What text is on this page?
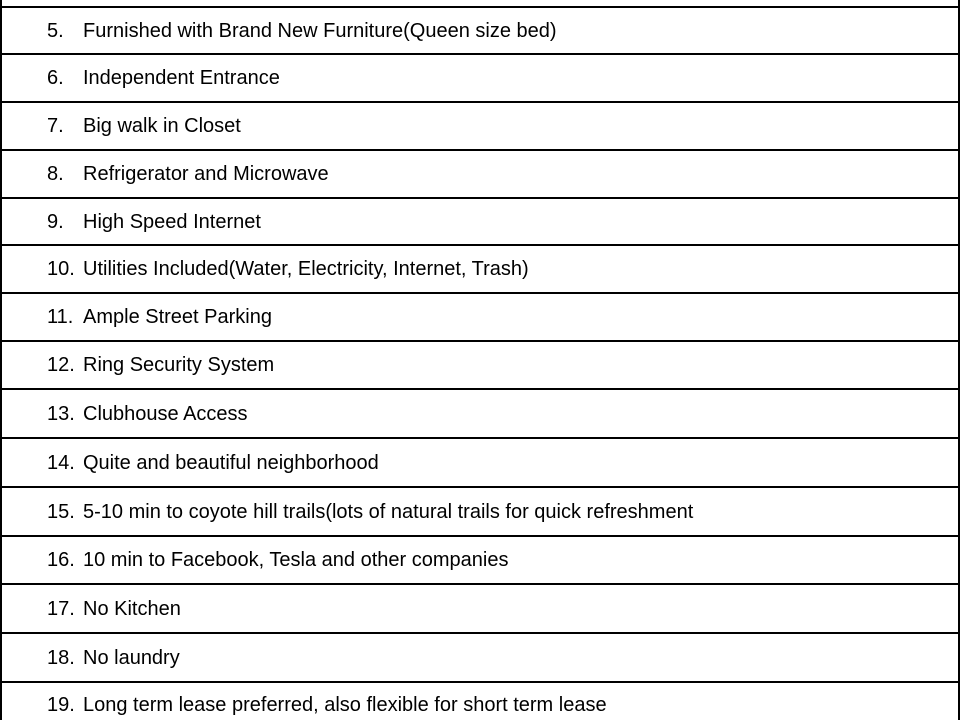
5. Furnished with Brand New Furniture(Queen size bed)
6. Independent Entrance
7. Big walk in Closet
8. Refrigerator and Microwave
9. High Speed Internet
10. Utilities Included(Water, Electricity, Internet, Trash)
11. Ample Street Parking
12. Ring Security System
13. Clubhouse Access
14. Quite and beautiful neighborhood
15. 5-10 min to coyote hill trails(lots of natural trails for quick refreshment
16. 10 min to Facebook, Tesla and other companies
17. No Kitchen
18. No laundry
19. Long term lease preferred, also flexible for short term lease
